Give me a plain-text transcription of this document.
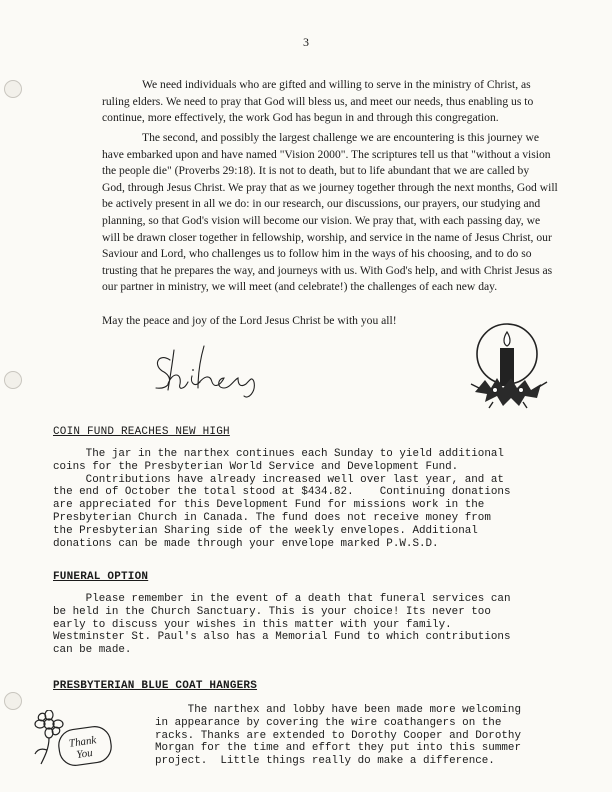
3
We need individuals who are gifted and willing to serve in the ministry of Christ, as
ruling elders. We need to pray that God will bless us, and meet our needs, thus enabling us to
continue, more effectively, the work God has begun in and through this congregation.
The second, and possibly the largest challenge we are encountering is this journey we
have embarked upon and have named "Vision 2000". The scriptures tell us that "without a vision
the people die" (Proverbs 29:18). It is not to death, but to life abundant that we are called by
God, through Jesus Christ. We pray that as we journey together through the next months, God will
be actively present in all we do: in our research, our discussions, our prayers, our studying and
planning, so that God's vision will become our vision. We pray that, with each passing day, we
will be drawn closer together in fellowship, worship, and service in the name of Jesus Christ, our
Saviour and Lord, who challenges us to follow him in the ways of his choosing, and to do so
trusting that he prepares the way, and journeys with us. With God's help, and with Christ Jesus as
our partner in ministry, we will meet (and celebrate!) the challenges of each new day.
May the peace and joy of the Lord Jesus Christ be with you all!
COIN FUND REACHES NEW HIGH
The jar in the narthex continues each Sunday to yield additional
coins for the Presbyterian World Service and Development Fund.
Contributions have already increased well over last year, and at
the end of October the total stood at $434.82.    Continuing donations
are appreciated for this Development Fund for missions work in the
Presbyterian Church in Canada. The fund does not receive money from
the Presbyterian Sharing side of the weekly envelopes. Additional
donations can be made through your envelope marked P.W.S.D.
FUNERAL OPTION
Please remember in the event of a death that funeral services can
be held in the Church Sanctuary. This is your choice! Its never too
early to discuss your wishes in this matter with your family.
Westminster St. Paul's also has a Memorial Fund to which contributions
can be made.
PRESBYTERIAN BLUE COAT HANGERS
The narthex and lobby have been made more welcoming
in appearance by covering the wire coathangers on the
racks. Thanks are extended to Dorothy Cooper and Dorothy
Morgan for the time and effort they put into this summer
project.  Little things really do make a difference.
Thank
You
